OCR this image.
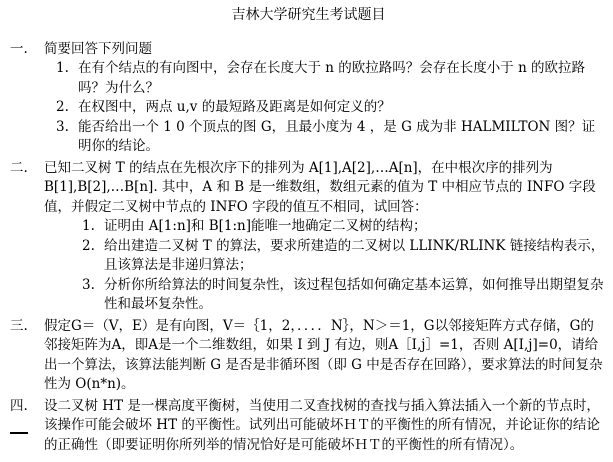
吉林大学研究生考试题目
一. 简要回答下列问题

1. 在有个结点的有向图中，会存在长度大于 n 的欧拉路吗？会存在长度小于 n 的欧拉路吗？为什么？

2. 在权图中，两点 u,v 的最短路及距离是如何定义的？

3. 能否给出一个 1 0 个顶点的图 G，且最小度为 4 ，是 G 成为非 HALMILTON 图？证明你的结论。

二. 已知二叉树 T 的结点在先根次序下的排列为 A[1],A[2],…A[n]，在中根次序的排列为 B[1],B[2],…B[n]. 其中，A 和 B 是一维数组，数组元素的值为 T 中相应节点的 INFO 字段值，并假定二叉树中节点的 INFO 字段的值互不相同，试回答：

1. 证明由 A[1:n]和 B[1:n]能唯一地确定二叉树的结构；

2. 给出建造二叉树 T 的算法，要求所建造的二叉树以 LLINK/RLINK 链接结构表示，且该算法是非递归算法；

3. 分析你所给算法的时间复杂性，该过程包括如何确定基本运算，如何推导出期望复杂性和最坏复杂性。

三. 假定G＝（V，E）是有向图，V＝｛1，2，．．．．N｝，N＞＝1，G以邻接矩阵方式存储，G的邻接矩阵为A，即A是一个二维数组，如果 I 到 J 有边，则A［I,j］=1，否则 A[I,j]=0，请给出一个算法，该算法能判断 G 是否是非循环图（即 G 中是否存在回路），要求算法的时间复杂性为 O(n*n)。

四. 设二叉树 HT 是一棵高度平衡树，当使用二叉查找树的查找与插入算法插入一个新的节点时，该操作可能会破坏 HT 的平衡性。试列出可能破坏ＨＴ的平衡性的所有情况，并论证你的结论的正确性（即要证明你所列举的情况恰好是可能破坏ＨＴ的平衡性的所有情况）。
